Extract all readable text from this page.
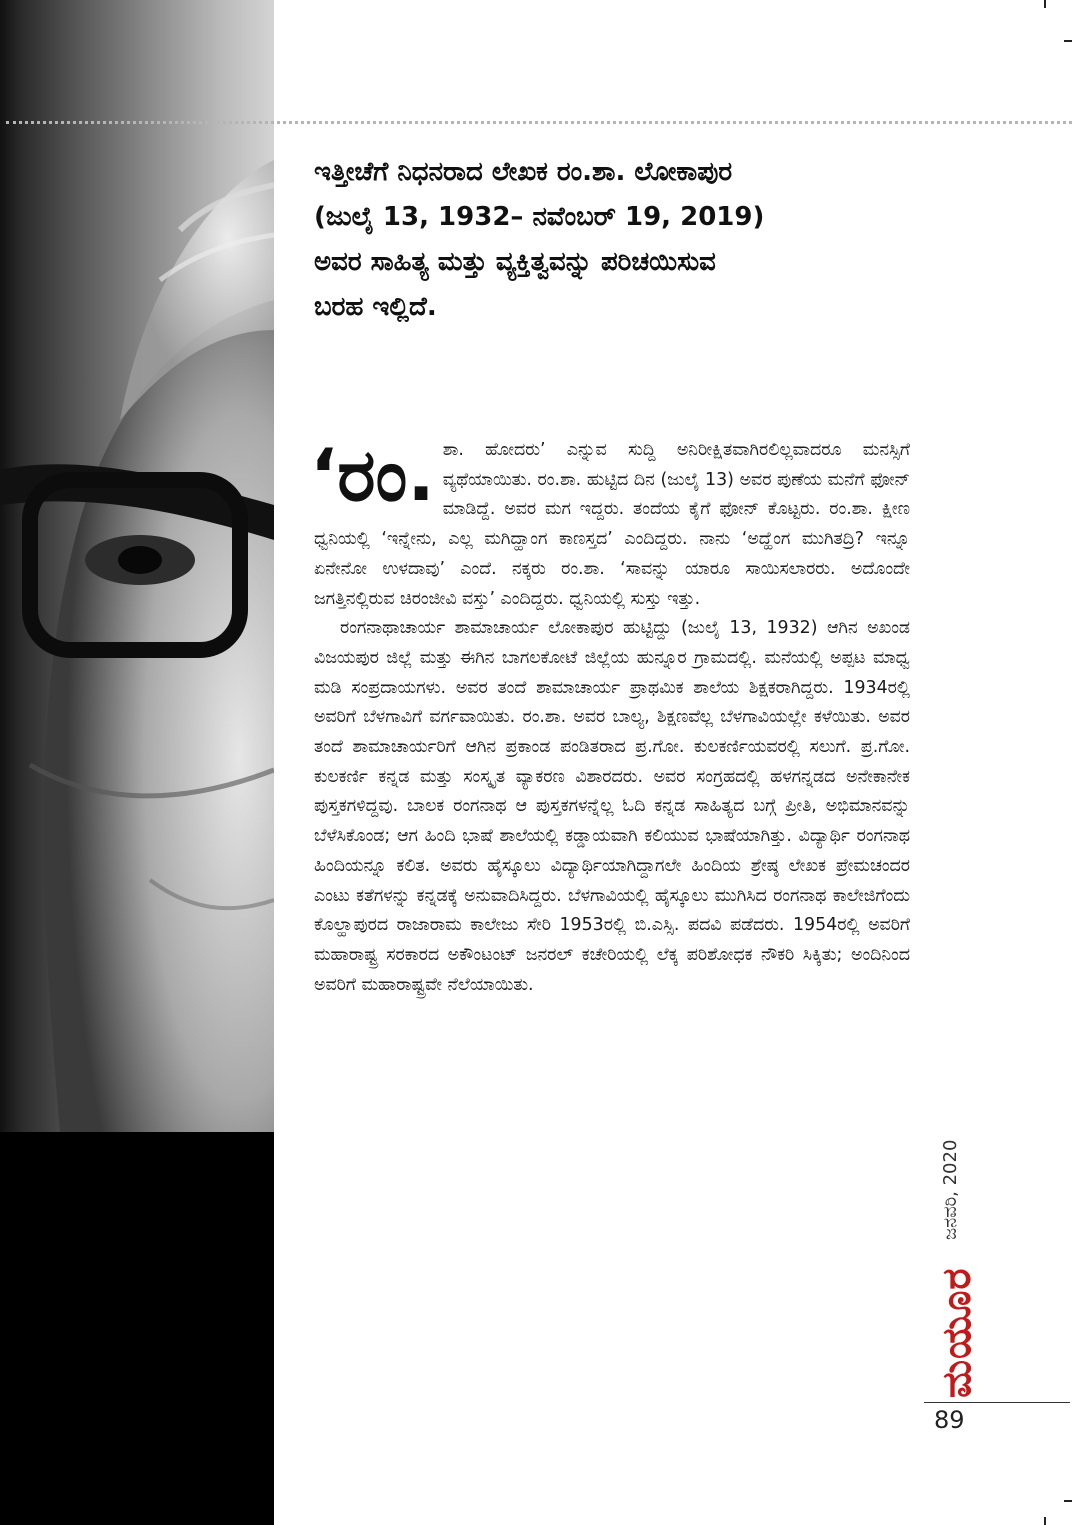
ಇತ್ತೀಚೆಗೆ ನಿಧನರಾದ ಲೇಖಕ ರಂ.ಶಾ. ಲೋಕಾಪುರ

(ಜುಲೈ 13, 1932– ನವೆಂಬರ್ 19, 2019)

ಅವರ ಸಾಹಿತ್ಯ ಮತ್ತು ವ್ಯಕ್ತಿತ್ವವನ್ನು ಪರಿಚಯಿಸುವ

ಬರಹ ಇಲ್ಲಿದೆ.

‘ರಂ. ಶಾ. ಹೋದರು’ ಎನ್ನುವ ಸುದ್ದಿ ಅನಿರೀಕ್ಷಿತವಾಗಿರಲಿಲ್ಲವಾದರೂ ಮನಸ್ಸಿಗೆ ವ್ಯಥೆಯಾಯಿತು. ರಂ.ಶಾ. ಹುಟ್ಟಿದ ದಿನ (ಜುಲೈ 13) ಅವರ ಪುಣೆಯ ಮನೆಗೆ ಫೋನ್ ಮಾಡಿದ್ದೆ. ಅವರ ಮಗ ಇದ್ದರು. ತಂದೆಯ ಕೈಗೆ ಫೋನ್ ಕೊಟ್ಟರು. ರಂ.ಶಾ. ಕ್ಷೀಣ ಧ್ವನಿಯಲ್ಲಿ ‘ಇನ್ನೇನು, ಎಲ್ಲ ಮಗಿದ್ಹಾಂಗ ಕಾಣಸ್ತದ’ ಎಂದಿದ್ದರು. ನಾನು ‘ಅದ್ಹೆಂಗ ಮುಗಿತದ್ರಿ? ಇನ್ನೂ ಏನೇನೋ ಉಳದಾವು’ ಎಂದೆ. ನಕ್ಕರು ರಂ.ಶಾ. ‘ಸಾವನ್ನು ಯಾರೂ ಸಾಯಿಸಲಾರರು. ಅದೊಂದೇ ಜಗತ್ತಿನಲ್ಲಿರುವ ಚಿರಂಜೀವಿ ವಸ್ತು’ ಎಂದಿದ್ದರು. ಧ್ವನಿಯಲ್ಲಿ ಸುಸ್ತು ಇತ್ತು.

ರಂಗನಾಥಾಚಾರ್ಯ ಶಾಮಾಚಾರ್ಯ ಲೋಕಾಪುರ ಹುಟ್ಟಿದ್ದು (ಜುಲೈ 13, 1932) ಆಗಿನ ಅಖಂಡ ವಿಜಯಪುರ ಜಿಲ್ಲೆ ಮತ್ತು ಈಗಿನ ಬಾಗಲಕೋಟೆ ಜಿಲ್ಲೆಯ ಹುನ್ನೂರ ಗ್ರಾಮದಲ್ಲಿ. ಮನೆಯಲ್ಲಿ ಅಪ್ಪಟ ಮಾಧ್ವ ಮಡಿ ಸಂಪ್ರದಾಯಗಳು. ಅವರ ತಂದೆ ಶಾಮಾಚಾರ್ಯ ಪ್ರಾಥಮಿಕ ಶಾಲೆಯ ಶಿಕ್ಷಕರಾಗಿದ್ದರು. 1934ರಲ್ಲಿ ಅವರಿಗೆ ಬೆಳಗಾವಿಗೆ ವರ್ಗವಾಯಿತು. ರಂ.ಶಾ. ಅವರ ಬಾಲ್ಯ, ಶಿಕ್ಷಣವೆಲ್ಲ ಬೆಳಗಾವಿಯಲ್ಲೇ ಕಳೆಯಿತು. ಅವರ ತಂದೆ ಶಾಮಾಚಾರ್ಯರಿಗೆ ಆಗಿನ ಪ್ರಕಾಂಡ ಪಂಡಿತರಾದ ಪ್ರ.ಗೋ. ಕುಲಕರ್ಣಿಯವರಲ್ಲಿ ಸಲುಗೆ. ಪ್ರ.ಗೋ. ಕುಲಕರ್ಣಿ ಕನ್ನಡ ಮತ್ತು ಸಂಸ್ಕೃತ ವ್ಯಾಕರಣ ವಿಶಾರದರು. ಅವರ ಸಂಗ್ರಹದಲ್ಲಿ ಹಳಗನ್ನಡದ ಅನೇಕಾನೇಕ ಪುಸ್ತಕಗಳಿದ್ದವು. ಬಾಲಕ ರಂಗನಾಥ ಆ ಪುಸ್ತಕಗಳನ್ನೆಲ್ಲ ಓದಿ ಕನ್ನಡ ಸಾಹಿತ್ಯದ ಬಗ್ಗೆ ಪ್ರೀತಿ, ಅಭಿಮಾನವನ್ನು ಬೆಳೆಸಿಕೊಂಡ; ಆಗ ಹಿಂದಿ ಭಾಷೆ ಶಾಲೆಯಲ್ಲಿ ಕಡ್ಡಾಯವಾಗಿ ಕಲಿಯುವ ಭಾಷೆಯಾಗಿತ್ತು. ವಿದ್ಯಾರ್ಥಿ ರಂಗನಾಥ ಹಿಂದಿಯನ್ನೂ ಕಲಿತ. ಅವರು ಹೈಸ್ಕೂಲು ವಿದ್ಯಾರ್ಥಿಯಾಗಿದ್ದಾಗಲೇ ಹಿಂದಿಯ ಶ್ರೇಷ್ಠ ಲೇಖಕ ಪ್ರೇಮಚಂದರ ಎಂಟು ಕತೆಗಳನ್ನು ಕನ್ನಡಕ್ಕೆ ಅನುವಾದಿಸಿದ್ದರು. ಬೆಳಗಾವಿಯಲ್ಲಿ ಹೈಸ್ಕೂಲು ಮುಗಿಸಿದ ರಂಗನಾಥ ಕಾಲೇಜಿಗೆಂದು ಕೊಲ್ಹಾಪುರದ ರಾಜಾರಾಮ ಕಾಲೇಜು ಸೇರಿ 1953ರಲ್ಲಿ ಬಿ.ಎಸ್ಸಿ. ಪದವಿ ಪಡೆದರು. 1954ರಲ್ಲಿ ಅವರಿಗೆ ಮಹಾರಾಷ್ಟ್ರ ಸರಕಾರದ ಅಕೌಂಟಂಟ್ ಜನರಲ್ ಕಚೇರಿಯಲ್ಲಿ ಲೆಕ್ಕ ಪರಿಶೋಧಕ ನೌಕರಿ ಸಿಕ್ಕಿತು; ಅಂದಿನಿಂದ ಅವರಿಗೆ ಮಹಾರಾಷ್ಟ್ರವೇ ನೆಲೆಯಾಯಿತು.

ಜನವರಿ, 2020
ಮಯೂರ
89
